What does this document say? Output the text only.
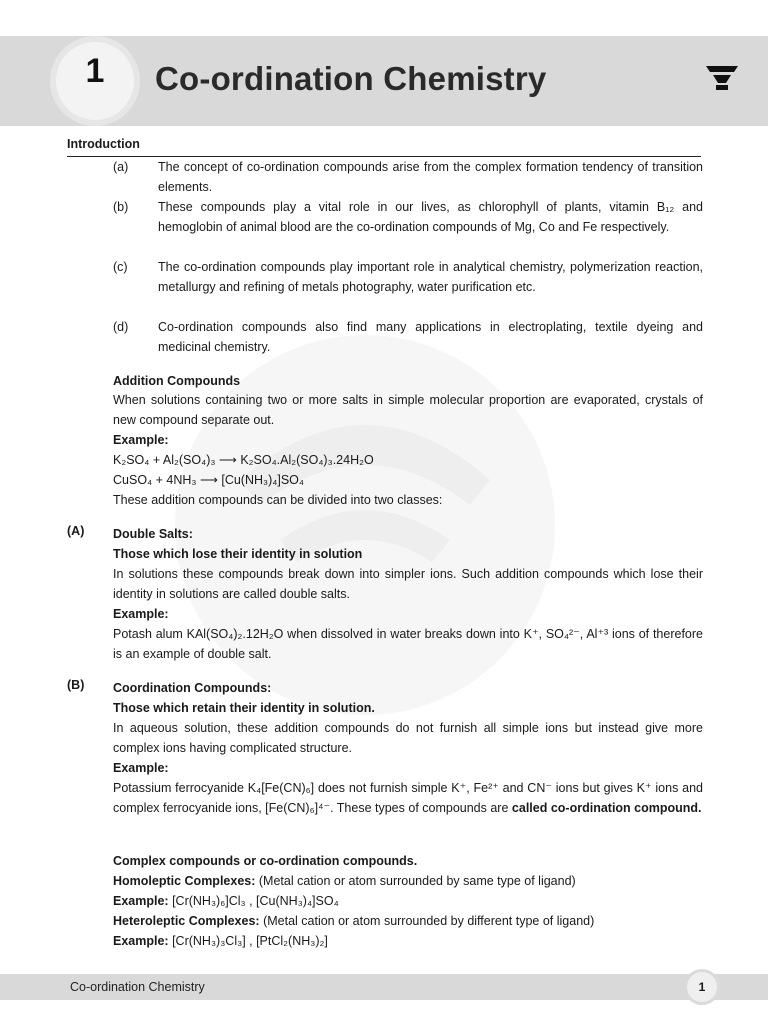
1	Co-ordination Chemistry
Introduction
(a) The concept of co-ordination compounds arise from the complex formation tendency of transition elements.
(b) These compounds play a vital role in our lives, as chlorophyll of plants, vitamin B₁₂ and hemoglobin of animal blood are the co-ordination compounds of Mg, Co and Fe respectively.
(c) The co-ordination compounds play important role in analytical chemistry, polymerization reaction, metallurgy and refining of metals photography, water purification etc.
(d) Co-ordination compounds also find many applications in electroplating, textile dyeing and medicinal chemistry.
Addition Compounds
When solutions containing two or more salts in simple molecular proportion are evaporated, crystals of new compound separate out.
Example:
K₂SO₄ + Al₂(SO₄)₃ ⟶ K₂SO₄.Al₂(SO₄)₃.24H₂O
CuSO₄ + 4NH₃ ⟶ [Cu(NH₃)₄]SO₄
These addition compounds can be divided into two classes:
(A) Double Salts:
Those which lose their identity in solution
In solutions these compounds break down into simpler ions. Such addition compounds which lose their identity in solutions are called double salts.
Example:
Potash alum KAl(SO₄)₂.12H₂O when dissolved in water breaks down into K⁺, SO₄²⁻, Al⁺³ ions of therefore is an example of double salt.
(B) Coordination Compounds:
Those which retain their identity in solution.
In aqueous solution, these addition compounds do not furnish all simple ions but instead give more complex ions having complicated structure.
Example:
Potassium ferrocyanide K₄[Fe(CN)₆] does not furnish simple K⁺, Fe²⁺ and CN⁻ ions but gives K⁺ ions and complex ferrocyanide ions, [Fe(CN)₆]⁴⁻. These types of compounds are called co-ordination compound.
Complex compounds or co-ordination compounds.
Homoleptic Complexes: (Metal cation or atom surrounded by same type of ligand)
Example: [Cr(NH₃)₆]Cl₃ , [Cu(NH₃)₄]SO₄
Heteroleptic Complexes: (Metal cation or atom surrounded by different type of ligand)
Example: [Cr(NH₃)₃Cl₃] , [PtCl₂(NH₃)₂]
Co-ordination Chemistry	1
